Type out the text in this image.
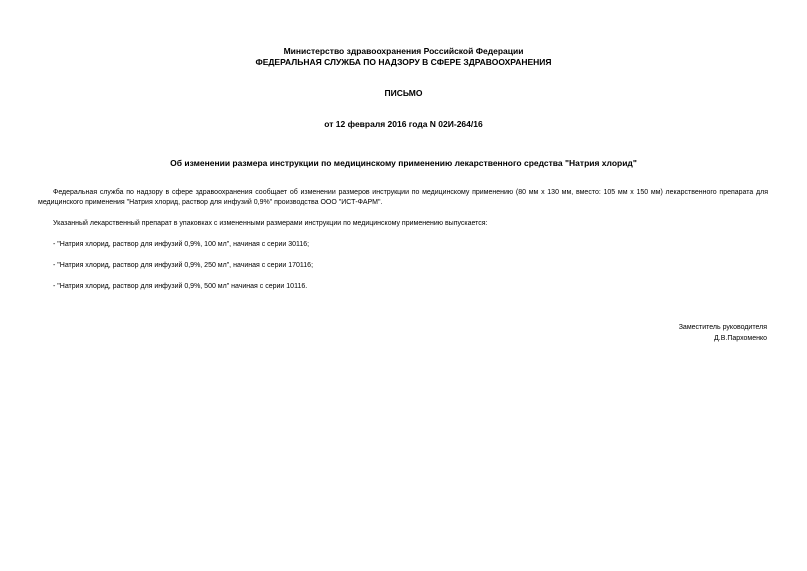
Министерство здравоохранения Российской Федерации
ФЕДЕРАЛЬНАЯ СЛУЖБА ПО НАДЗОРУ В СФЕРЕ ЗДРАВООХРАНЕНИЯ
ПИСЬМО
от 12 февраля 2016 года N 02И-264/16
Об изменении размера инструкции по медицинскому применению лекарственного средства "Натрия хлорид"
Федеральная служба по надзору в сфере здравоохранения сообщает об изменении размеров инструкции по медицинскому применению (80 мм x 130 мм, вместо: 105 мм x 150 мм) лекарственного препарата для медицинского применения "Натрия хлорид, раствор для инфузий 0,9%" производства ООО "ИСТ-ФАРМ".
Указанный лекарственный препарат в упаковках с измененными размерами инструкции по медицинскому применению выпускается:
- "Натрия хлорид, раствор для инфузий 0,9%, 100 мл", начиная с серии 30116;
- "Натрия хлорид, раствор для инфузий 0,9%, 250 мл", начиная с серии 170116;
- "Натрия хлорид, раствор для инфузий 0,9%, 500 мл" начиная с серии 10116.
Заместитель руководителя
Д.В.Пархоменко
